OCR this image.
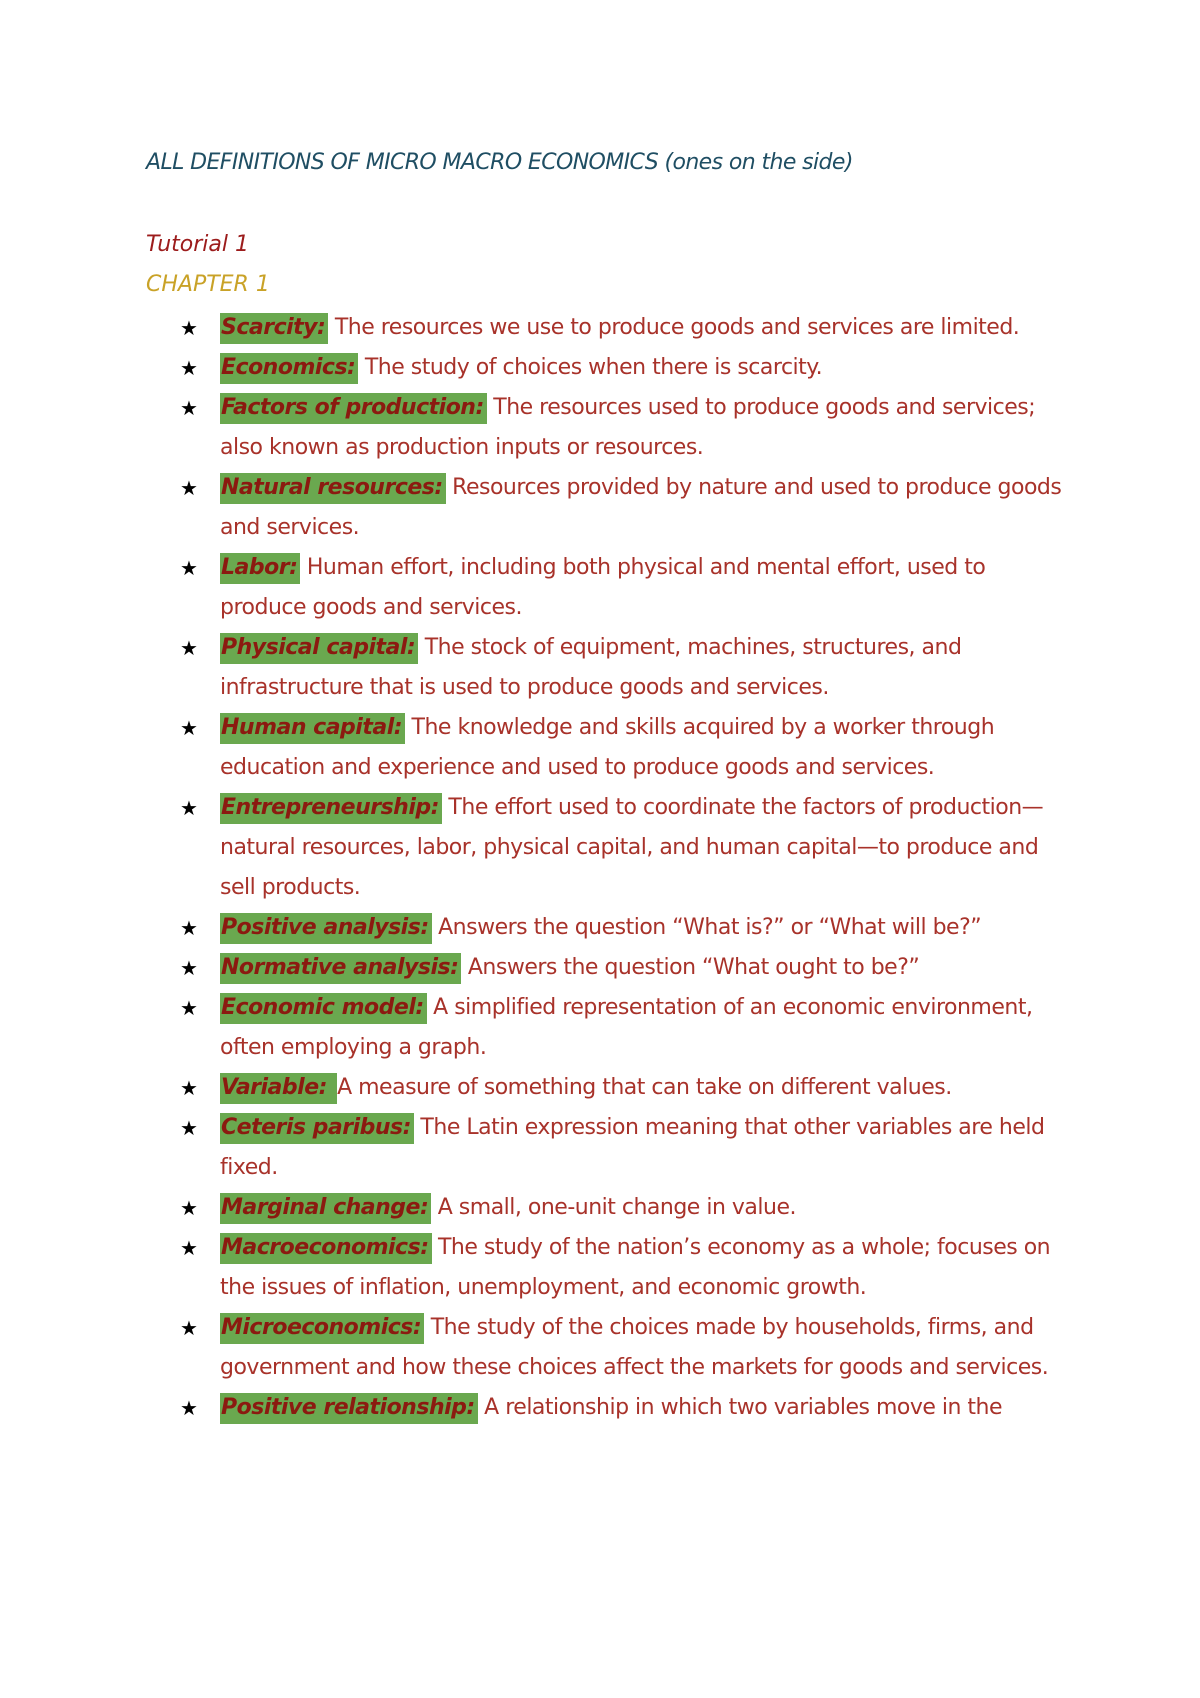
ALL DEFINITIONS OF MICRO MACRO ECONOMICS (ones on the side)
Tutorial 1
CHAPTER 1
★ Scarcity: The resources we use to produce goods and services are limited.
★ Economics: The study of choices when there is scarcity.
★ Factors of production: The resources used to produce goods and services; also known as production inputs or resources.
★ Natural resources: Resources provided by nature and used to produce goods and services.
★ Labor: Human effort, including both physical and mental effort, used to produce goods and services.
★ Physical capital: The stock of equipment, machines, structures, and infrastructure that is used to produce goods and services.
★ Human capital: The knowledge and skills acquired by a worker through education and experience and used to produce goods and services.
★ Entrepreneurship: The effort used to coordinate the factors of production—natural resources, labor, physical capital, and human capital—to produce and sell products.
★ Positive analysis: Answers the question “What is?” or “What will be?”
★ Normative analysis: Answers the question “What ought to be?”
★ Economic model: A simplified representation of an economic environment, often employing a graph.
★ Variable: A measure of something that can take on different values.
★ Ceteris paribus: The Latin expression meaning that other variables are held fixed.
★ Marginal change: A small, one-unit change in value.
★ Macroeconomics: The study of the nation’s economy as a whole; focuses on the issues of inflation, unemployment, and economic growth.
★ Microeconomics: The study of the choices made by households, firms, and government and how these choices affect the markets for goods and services.
★ Positive relationship: A relationship in which two variables move in the
